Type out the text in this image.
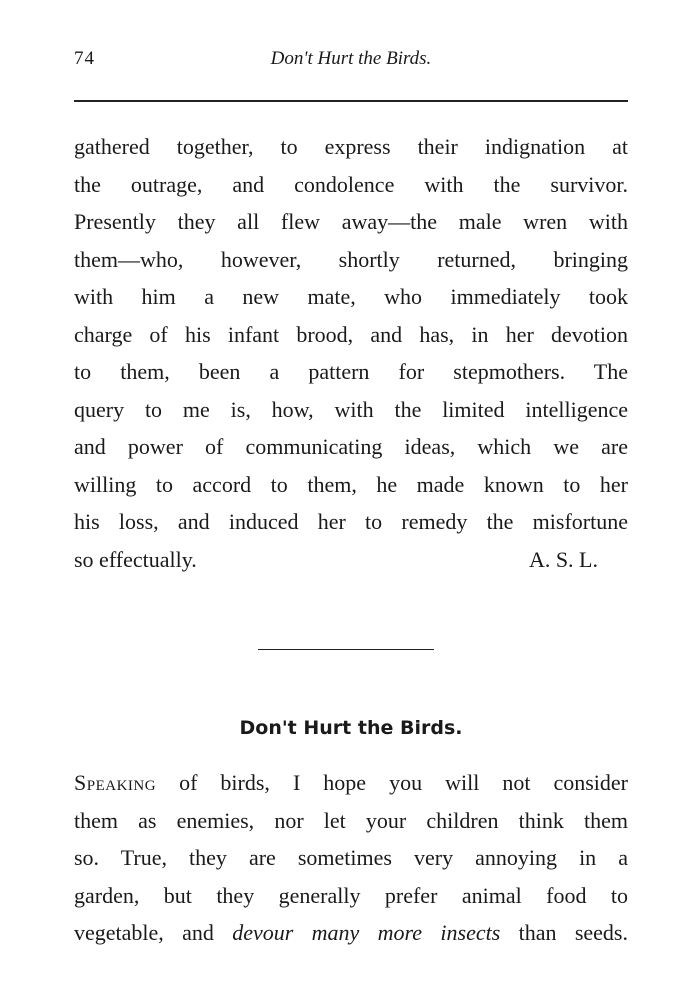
74	Don't Hurt the Birds.
gathered together, to express their indignation at
the outrage, and condolence with the survivor.
Presently they all flew away—the male wren with
them—who, however, shortly returned, bringing
with him a new mate, who immediately took
charge of his infant brood, and has, in her devotion
to them, been a pattern for stepmothers. The
query to me is, how, with the limited intelligence
and power of communicating ideas, which we are
willing to accord to them, he made known to her
his loss, and induced her to remedy the misfortune
so effectually.	A. S. L.
Don't Hurt the Birds.
Speaking of birds, I hope you will not consider
them as enemies, nor let your children think them
so. True, they are sometimes very annoying in a
garden, but they generally prefer animal food to
vegetable, and devour many more insects than seeds.
